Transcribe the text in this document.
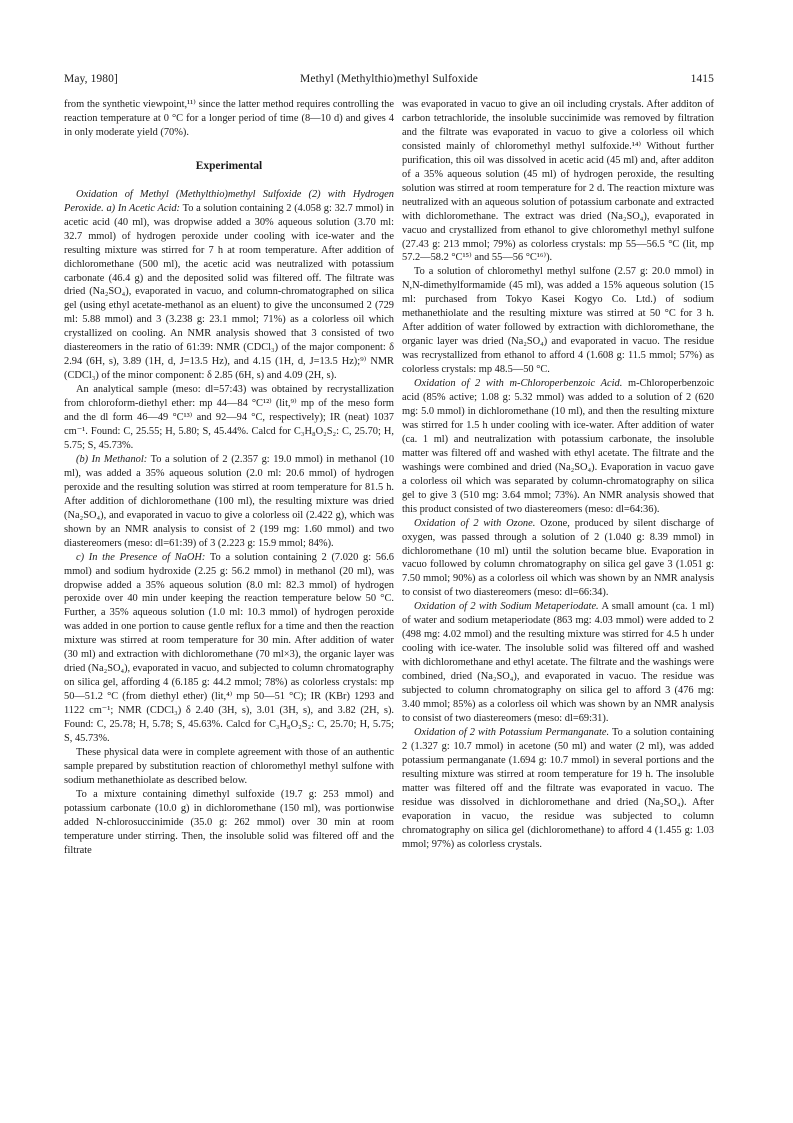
May, 1980]	Methyl (Methylthio)methyl Sulfoxide	1415

from the synthetic viewpoint,¹¹⁾ since the latter method requires controlling the reaction temperature at 0 °C for a longer period of time (8—10 d) and gives 4 in only moderate yield (70%).

Experimental

Oxidation of Methyl (Methylthio)methyl Sulfoxide (2) with Hydrogen Peroxide. a) In Acetic Acid: To a solution containing 2 (4.058 g: 32.7 mmol) in acetic acid (40 ml), was dropwise added a 30% aqueous solution (3.70 ml: 32.7 mmol) of hydrogen peroxide under cooling with ice-water and the resulting mixture was stirred for 7 h at room temperature. After addition of dichloromethane (500 ml), the acetic acid was neutralized with potassium carbonate (46.4 g) and the deposited solid was filtered off. The filtrate was dried (Na₂SO₄), evaporated in vacuo, and column-chromatographed on silica gel (using ethyl acetate-methanol as an eluent) to give the unconsumed 2 (729 ml: 5.88 mmol) and 3 (3.238 g: 23.1 mmol; 71%) as a colorless oil which crystallized on cooling. An NMR analysis showed that 3 consisted of two diastereomers in the ratio of 61:39: NMR (CDCl₃) of the major component: δ 2.94 (6H, s), 3.89 (1H, d, J=13.5 Hz), and 4.15 (1H, d, J=13.5 Hz);⁹⁾ NMR (CDCl₃) of the minor component: δ 2.85 (6H, s) and 4.09 (2H, s).

An analytical sample (meso: dl=57:43) was obtained by recrystallization from chloroform-diethyl ether: mp 44—84 °C¹²⁾ (lit,⁹⁾ mp of the meso form and the dl form 46—49 °C¹³⁾ and 92—94 °C, respectively); IR (neat) 1037 cm⁻¹. Found: C, 25.55; H, 5.80; S, 45.44%. Calcd for C₃H₈O₂S₂: C, 25.70; H, 5.75; S, 45.73%.

(b) In Methanol: To a solution of 2 (2.357 g: 19.0 mmol) in methanol (10 ml), was added a 35% aqueous solution (2.0 ml: 20.6 mmol) of hydrogen peroxide and the resulting solution was stirred at room temperature for 81.5 h. After addition of dichloromethane (100 ml), the resulting mixture was dried (Na₂SO₄), and evaporated in vacuo to give a colorless oil (2.422 g), which was shown by an NMR analysis to consist of 2 (199 mg: 1.60 mmol) and two diastereomers (meso: dl=61:39) of 3 (2.223 g: 15.9 mmol; 84%).

c) In the Presence of NaOH: To a solution containing 2 (7.020 g: 56.6 mmol) and sodium hydroxide (2.25 g: 56.2 mmol) in methanol (20 ml), was dropwise added a 35% aqueous solution (8.0 ml: 82.3 mmol) of hydrogen peroxide over 40 min under keeping the reaction temperature below 50 °C. Further, a 35% aqueous solution (1.0 ml: 10.3 mmol) of hydrogen peroxide was added in one portion to cause gentle reflux for a time and then the reaction mixture was stirred at room temperature for 30 min. After addition of water (30 ml) and extraction with dichloromethane (70 ml×3), the organic layer was dried (Na₂SO₄), evaporated in vacuo, and subjected to column chromatography on silica gel, affording 4 (6.185 g: 44.2 mmol; 78%) as colorless crystals: mp 50—51.2 °C (from diethyl ether) (lit,⁴⁾ mp 50—51 °C); IR (KBr) 1293 and 1122 cm⁻¹; NMR (CDCl₃) δ 2.40 (3H, s), 3.01 (3H, s), and 3.82 (2H, s). Found: C, 25.78; H, 5.78; S, 45.63%. Calcd for C₃H₈O₂S₂: C, 25.70; H, 5.75; S, 45.73%.

These physical data were in complete agreement with those of an authentic sample prepared by substitution reaction of chloromethyl methyl sulfone with sodium methanethiolate as described below.

To a mixture containing dimethyl sulfoxide (19.7 g: 253 mmol) and potassium carbonate (10.0 g) in dichloromethane (150 ml), was portionwise added N-chlorosuccinimide (35.0 g: 262 mmol) over 30 min at room temperature under stirring. Then, the insoluble solid was filtered off and the filtrate

was evaporated in vacuo to give an oil including crystals. After additon of carbon tetrachloride, the insoluble succinimide was removed by filtration and the filtrate was evaporated in vacuo to give a colorless oil which consisted mainly of chloromethyl methyl sulfoxide.¹⁴⁾ Without further purification, this oil was dissolved in acetic acid (45 ml) and, after additon of a 35% aqueous solution (45 ml) of hydrogen peroxide, the resulting solution was stirred at room temperature for 2 d. The reaction mixture was neutralized with an aqueous solution of potassium carbonate and extracted with dichloromethane. The extract was dried (Na₂SO₄), evaporated in vacuo and crystallized from ethanol to give chloromethyl methyl sulfone (27.43 g: 213 mmol; 79%) as colorless crystals: mp 55—56.5 °C (lit, mp 57.2—58.2 °C¹⁵⁾ and 55—56 °C¹⁶⁾).

To a solution of chloromethyl methyl sulfone (2.57 g: 20.0 mmol) in N,N-dimethylformamide (45 ml), was added a 15% aqueous solution (15 ml: purchased from Tokyo Kasei Kogyo Co. Ltd.) of sodium methanethiolate and the resulting mixture was stirred at 50 °C for 3 h. After addition of water followed by extraction with dichloromethane, the organic layer was dried (Na₂SO₄) and evaporated in vacuo. The residue was recrystallized from ethanol to afford 4 (1.608 g: 11.5 mmol; 57%) as colorless crystals: mp 48.5—50 °C.

Oxidation of 2 with m-Chloroperbenzoic Acid. m-Chloroperbenzoic acid (85% active; 1.08 g: 5.32 mmol) was added to a solution of 2 (620 mg: 5.0 mmol) in dichloromethane (10 ml), and then the resulting mixture was stirred for 1.5 h under cooling with ice-water. After addition of water (ca. 1 ml) and neutralization with potassium carbonate, the insoluble matter was filtered off and washed with ethyl acetate. The filtrate and the washings were combined and dried (Na₂SO₄). Evaporation in vacuo gave a colorless oil which was separated by column-chromatography on silica gel to give 3 (510 mg: 3.64 mmol; 73%). An NMR analysis showed that this product consisted of two diastereomers (meso: dl=64:36).

Oxidation of 2 with Ozone. Ozone, produced by silent discharge of oxygen, was passed through a solution of 2 (1.040 g: 8.39 mmol) in dichloromethane (10 ml) until the solution became blue. Evaporation in vacuo followed by column chromatography on silica gel gave 3 (1.051 g: 7.50 mmol; 90%) as a colorless oil which was shown by an NMR analysis to consist of two diastereomers (meso: dl=66:34).

Oxidation of 2 with Sodium Metaperiodate. A small amount (ca. 1 ml) of water and sodium metaperiodate (863 mg: 4.03 mmol) were added to 2 (498 mg: 4.02 mmol) and the resulting mixture was stirred for 4.5 h under cooling with ice-water. The insoluble solid was filtered off and washed with dichloromethane and ethyl acetate. The filtrate and the washings were combined, dried (Na₂SO₄), and evaporated in vacuo. The residue was subjected to column chromatography on silica gel to afford 3 (476 mg: 3.40 mmol; 85%) as a colorless oil which was shown by an NMR analysis to consist of two diastereomers (meso: dl=69:31).

Oxidation of 2 with Potassium Permanganate. To a solution containing 2 (1.327 g: 10.7 mmol) in acetone (50 ml) and water (2 ml), was added potassium permanganate (1.694 g: 10.7 mmol) in several portions and the resulting mixture was stirred at room temperature for 19 h. The insoluble matter was filtered off and the filtrate was evaporated in vacuo. The residue was dissolved in dichloromethane and dried (Na₂SO₄). After evaporation in vacuo, the residue was subjected to column chromatography on silica gel (dichloromethane) to afford 4 (1.455 g: 1.03 mmol; 97%) as colorless crystals.
